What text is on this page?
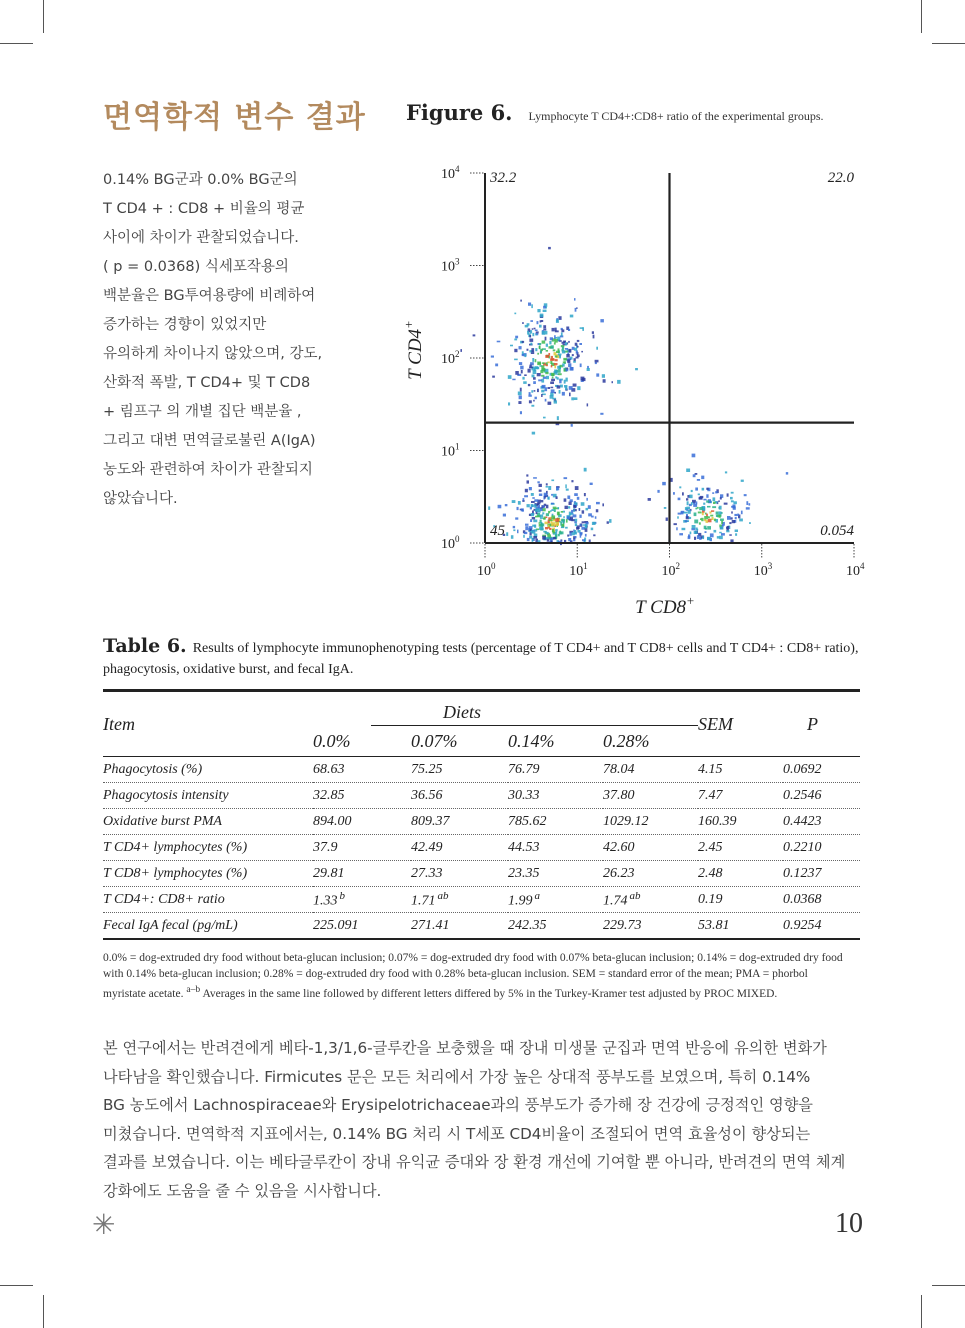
면역학적 변수 결과 Figure 6. Lymphocyte T CD4+:CD8+ ratio of the experimental groups.
0.14% BG군과 0.0% BG군의
T CD4 + : CD8 + 비율의 평균
사이에 차이가 관찰되었습니다.
( p = 0.0368) 식세포작용의
백분율은 BG투여용량에 비례하여
증가하는 경향이 있었지만
유의하게 차이나지 않았으며, 강도,
산화적 폭발, T CD4+ 및 T CD8
+ 림프구 의 개별 집단 백분율 ,
그리고 대변 면역글로불린 A(IgA)
농도와 관련하여 차이가 관찰되지
않았습니다.
$10^0$
$10^1$
$10^2$
$10^3$
$10^4$
$10^0$	$10^1$	$10^2$	$10^3$	$10^4$
32.2	22.0
45	0.054
T CD8+
T CD4+
Table 6. Results of lymphocyte immunophenotyping tests (percentage of T CD4+ and T CD8+ cells and T CD4+ : CD8+ ratio), phagocytosis, oxidative burst, and fecal IgA.
Item	Diets				SEM	P
	0.0%	0.07%	0.14%	0.28%		
Phagocytosis (%)	68.63	75.25	76.79	78.04	4.15	0.0692
Phagocytosis intensity	32.85	36.56	30.33	37.80	7.47	0.2546
Oxidative burst PMA	894.00	809.37	785.62	1029.12	160.39	0.4423
T CD4+ lymphocytes (%)	37.9	42.49	44.53	42.60	2.45	0.2210
T CD8+ lymphocytes (%)	29.81	27.33	23.35	26.23	2.48	0.1237
T CD4+: CD8+ ratio	1.33 $^b$	1.71 $^{ab}$	1.99 $^a$	1.74 $^{ab}$	0.19	0.0368
Fecal IgA fecal (pg/mL)	225.091	271.41	242.35	229.73	53.81	0.9254
0.0% = dog-extruded dry food without beta-glucan inclusion; 0.07% = dog-extruded dry food with 0.07% beta-glucan inclusion; 0.14% = dog-extruded dry food with 0.14% beta-glucan inclusion; 0.28% = dog-extruded dry food with 0.28% beta-glucan inclusion. SEM = standard error of the mean; PMA = phorbol myristate acetate. $^{a-b}$ Averages in the same line followed by different letters differed by 5% in the Turkey-Kramer test adjusted by PROC MIXED.
본 연구에서는 반려견에게 베타-1,3/1,6-글루칸을 보충했을 때 장내 미생물 군집과 면역 반응에 유의한 변화가
나타남을 확인했습니다. Firmicutes 문은 모든 처리에서 가장 높은 상대적 풍부도를 보였으며, 특히 0.14%
BG 농도에서 Lachnospiraceae와 Erysipelotrichaceae과의 풍부도가 증가해 장 건강에 긍정적인 영향을
미쳤습니다. 면역학적 지표에서는, 0.14% BG 처리 시 T세포 CD4비율이 조절되어 면역 효율성이 향상되는
결과를 보였습니다. 이는 베타글루칸이 장내 유익균 증대와 장 환경 개선에 기여할 뿐 아니라, 반려견의 면역 체계
강화에도 도움을 줄 수 있음을 시사합니다.
✳	10
